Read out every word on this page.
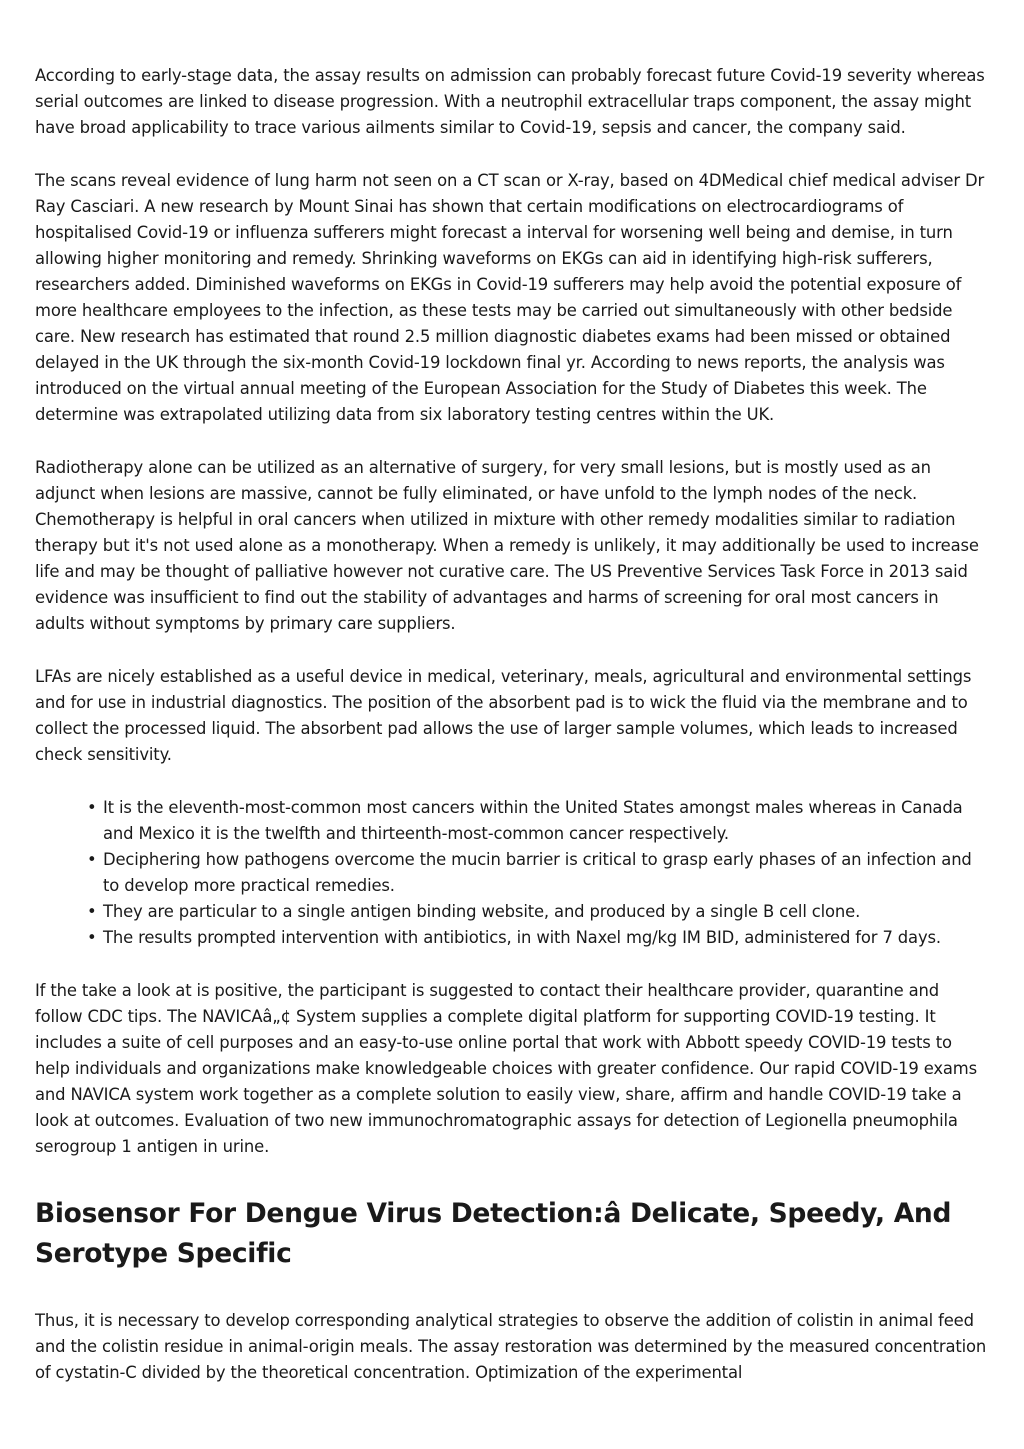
According to early-stage data, the assay results on admission can probably forecast future Covid-19 severity whereas serial outcomes are linked to disease progression. With a neutrophil extracellular traps component, the assay might have broad applicability to trace various ailments similar to Covid-19, sepsis and cancer, the company said.

The scans reveal evidence of lung harm not seen on a CT scan or X-ray, based on 4DMedical chief medical adviser Dr Ray Casciari. A new research by Mount Sinai has shown that certain modifications on electrocardiograms of hospitalised Covid-19 or influenza sufferers might forecast a interval for worsening well being and demise, in turn allowing higher monitoring and remedy. Shrinking waveforms on EKGs can aid in identifying high-risk sufferers, researchers added. Diminished waveforms on EKGs in Covid-19 sufferers may help avoid the potential exposure of more healthcare employees to the infection, as these tests may be carried out simultaneously with other bedside care. New research has estimated that round 2.5 million diagnostic diabetes exams had been missed or obtained delayed in the UK through the six-month Covid-19 lockdown final yr. According to news reports, the analysis was introduced on the virtual annual meeting of the European Association for the Study of Diabetes this week. The determine was extrapolated utilizing data from six laboratory testing centres within the UK.

Radiotherapy alone can be utilized as an alternative of surgery, for very small lesions, but is mostly used as an adjunct when lesions are massive, cannot be fully eliminated, or have unfold to the lymph nodes of the neck. Chemotherapy is helpful in oral cancers when utilized in mixture with other remedy modalities similar to radiation therapy but it's not used alone as a monotherapy. When a remedy is unlikely, it may additionally be used to increase life and may be thought of palliative however not curative care. The US Preventive Services Task Force in 2013 said evidence was insufficient to find out the stability of advantages and harms of screening for oral most cancers in adults without symptoms by primary care suppliers.

LFAs are nicely established as a useful device in medical, veterinary, meals, agricultural and environmental settings and for use in industrial diagnostics. The position of the absorbent pad is to wick the fluid via the membrane and to collect the processed liquid. The absorbent pad allows the use of larger sample volumes, which leads to increased check sensitivity.

• It is the eleventh-most-common most cancers within the United States amongst males whereas in Canada and Mexico it is the twelfth and thirteenth-most-common cancer respectively.
• Deciphering how pathogens overcome the mucin barrier is critical to grasp early phases of an infection and to develop more practical remedies.
• They are particular to a single antigen binding website, and produced by a single B cell clone.
• The results prompted intervention with antibiotics, in with Naxel mg/kg IM BID, administered for 7 days.

If the take a look at is positive, the participant is suggested to contact their healthcare provider, quarantine and follow CDC tips. The NAVICAâ„¢ System supplies a complete digital platform for supporting COVID-19 testing. It includes a suite of cell purposes and an easy-to-use online portal that work with Abbott speedy COVID-19 tests to help individuals and organizations make knowledgeable choices with greater confidence. Our rapid COVID-19 exams and NAVICA system work together as a complete solution to easily view, share, affirm and handle COVID-19 take a look at outcomes. Evaluation of two new immunochromatographic assays for detection of Legionella pneumophila serogroup 1 antigen in urine.

Biosensor For Dengue Virus Detection:â Delicate, Speedy, And Serotype Specific

Thus, it is necessary to develop corresponding analytical strategies to observe the addition of colistin in animal feed and the colistin residue in animal-origin meals. The assay restoration was determined by the measured concentration of cystatin-C divided by the theoretical concentration. Optimization of the experimental
